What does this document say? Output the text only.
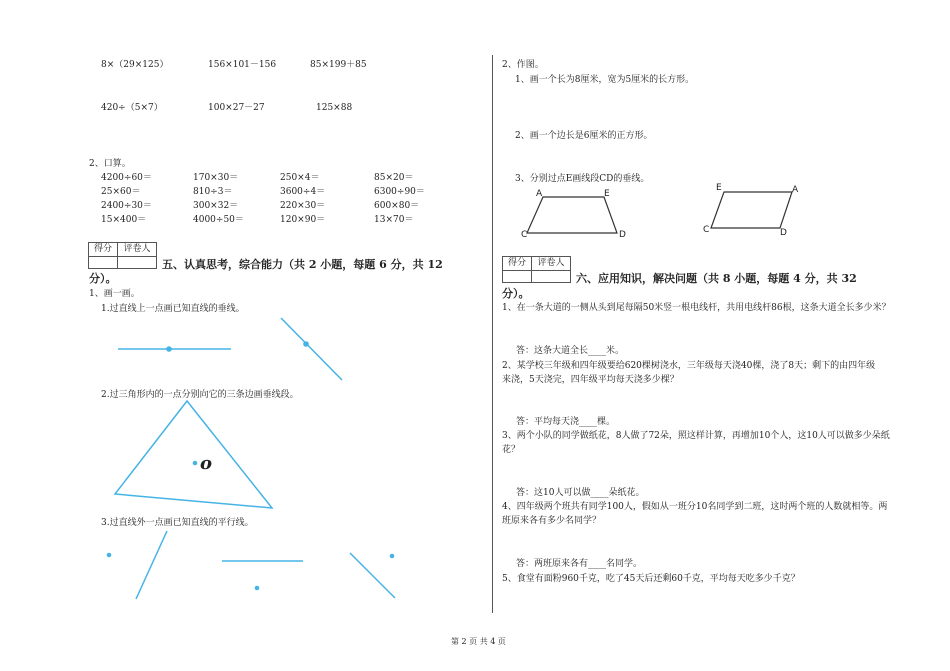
8×（29×125）	156×101－156	85×199＋85
420÷（5×7）	100×27－27	125×88
2、口算。
4200÷60＝	170×30＝	250×4＝	85×20＝
25×60＝	810÷3＝	3600÷4＝	6300÷90＝
2400÷30＝	300×32＝	220×30＝	600×80＝
15×400＝	4000÷50＝	120×90＝	13×70＝
得分	评卷人
五、认真思考，综合能力（共 2 小题，每题 6 分，共 12
分）。
1、画一画。
1.过直线上一点画已知直线的垂线。
2.过三角形内的一点分别向它的三条边画垂线段。
o
3.过直线外一点画已知直线的平行线。
2、作图。
1、画一个长为8厘米，宽为5厘米的长方形。
2、画一个边长是6厘米的正方形。
3、分别过点E画线段CD的垂线。
A	E
C	D
E	A
C	D
得分	评卷人
六、应用知识，解决问题（共 8 小题，每题 4 分，共 32
分）。
1、在一条大道的一侧从头到尾每隔50米竖一根电线杆，共用电线杆86根，这条大道全长多少米？
答：这条大道全长____米。
2、某学校三年级和四年级要给620棵树浇水，三年级每天浇40棵，浇了8天；剩下的由四年级
来浇，5天浇完，四年级平均每天浇多少棵？
答：平均每天浇____棵。
3、两个小队的同学做纸花，8人做了72朵，照这样计算，再增加10个人，这10人可以做多少朵纸
花？
答：这10人可以做____朵纸花。
4、四年级两个班共有同学100人，假如从一班分10名同学到二班，这时两个班的人数就相等。两
班原来各有多少名同学？
答：两班原来各有____名同学。
5、食堂有面粉960千克，吃了45天后还剩60千克，平均每天吃多少千克？
第 2 页 共 4 页
